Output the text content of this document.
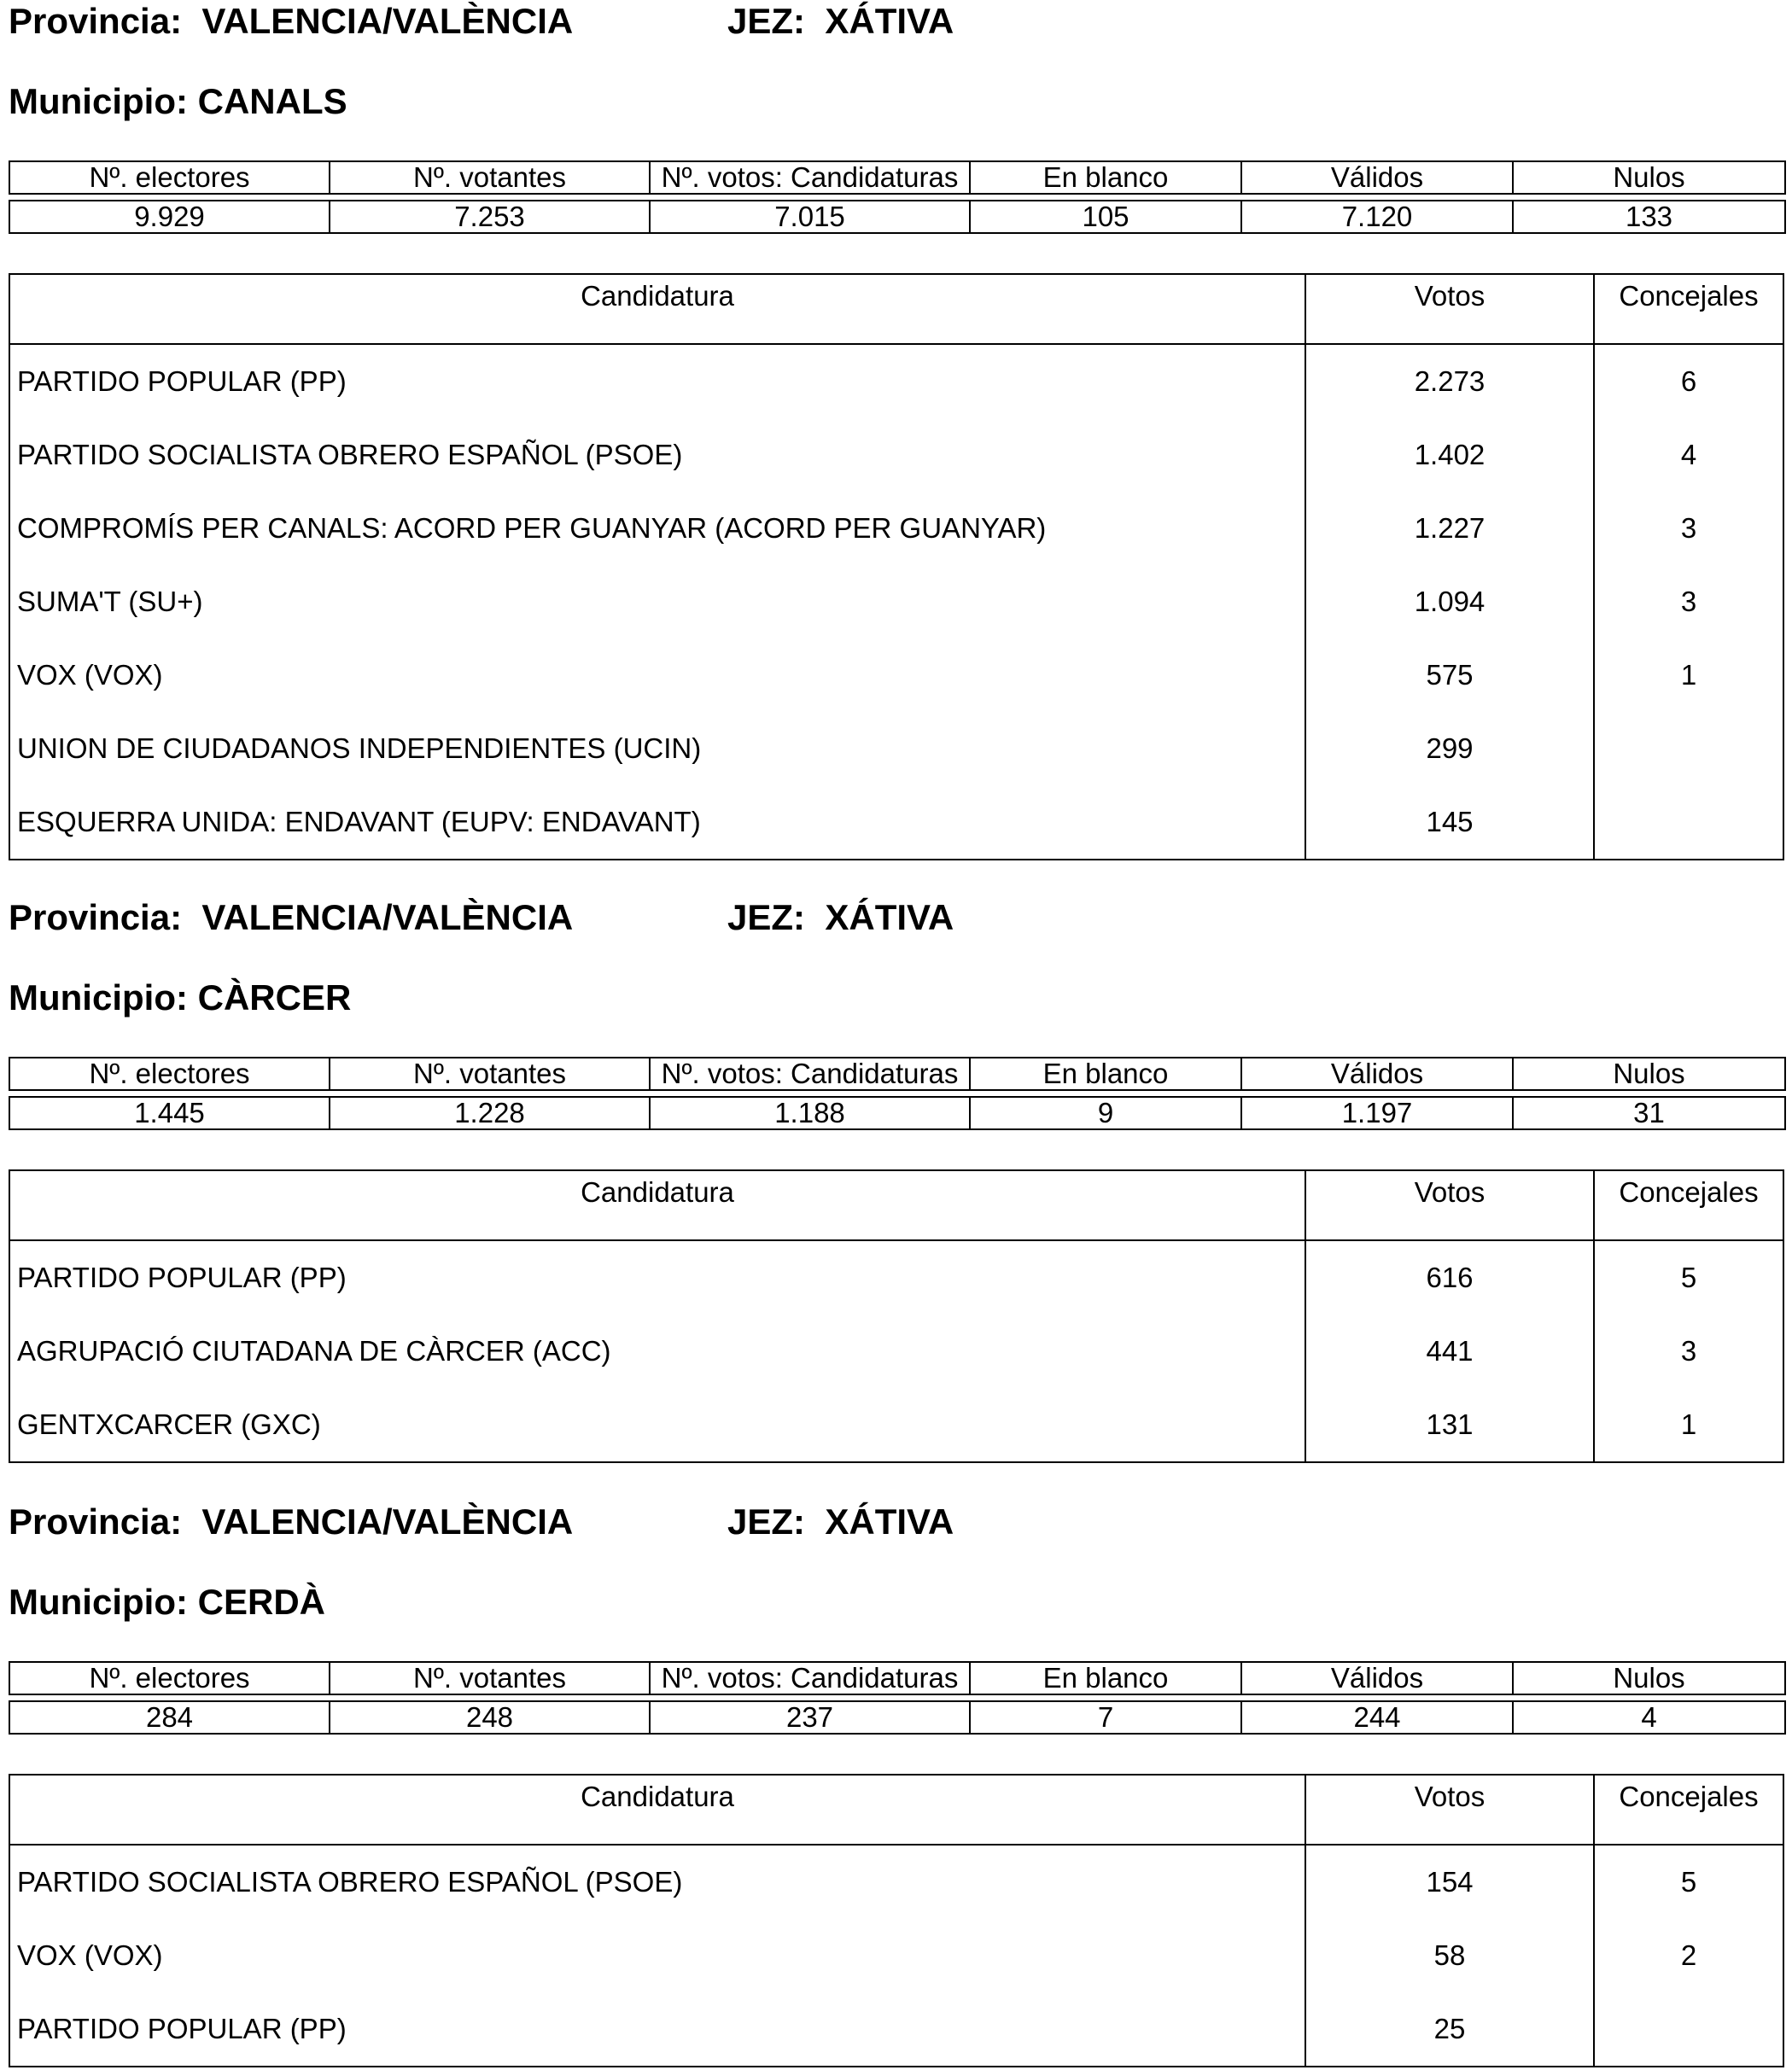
Provincia: VALENCIA/VALÈNCIA	JEZ: XÁTIVA
Municipio: CANALS
Nº. electores	Nº. votantes	Nº. votos: Candidaturas	En blanco	Válidos	Nulos

9.929	7.253	7.015	105	7.120	133
Candidatura	Votos	Concejales
PARTIDO POPULAR (PP)	2.273	6
PARTIDO SOCIALISTA OBRERO ESPAÑOL (PSOE)	1.402	4
COMPROMÍS PER CANALS: ACORD PER GUANYAR (ACORD PER GUANYAR)	1.227	3
SUMA'T (SU+)	1.094	3
VOX (VOX)	575	1
UNION DE CIUDADANOS INDEPENDIENTES (UCIN)	299
ESQUERRA UNIDA: ENDAVANT (EUPV: ENDAVANT)	145
Provincia: VALENCIA/VALÈNCIA	JEZ: XÁTIVA
Municipio: CÀRCER
Nº. electores	Nº. votantes	Nº. votos: Candidaturas	En blanco	Válidos	Nulos

1.445	1.228	1.188	9	1.197	31
Candidatura	Votos	Concejales
PARTIDO POPULAR (PP)	616	5
AGRUPACIÓ CIUTADANA DE CÀRCER (ACC)	441	3
GENTXCARCER (GXC)	131	1
Provincia: VALENCIA/VALÈNCIA	JEZ: XÁTIVA
Municipio: CERDÀ
Nº. electores	Nº. votantes	Nº. votos: Candidaturas	En blanco	Válidos	Nulos

284	248	237	7	244	4
Candidatura	Votos	Concejales
PARTIDO SOCIALISTA OBRERO ESPAÑOL (PSOE)	154	5
VOX (VOX)	58	2
PARTIDO POPULAR (PP)	25
